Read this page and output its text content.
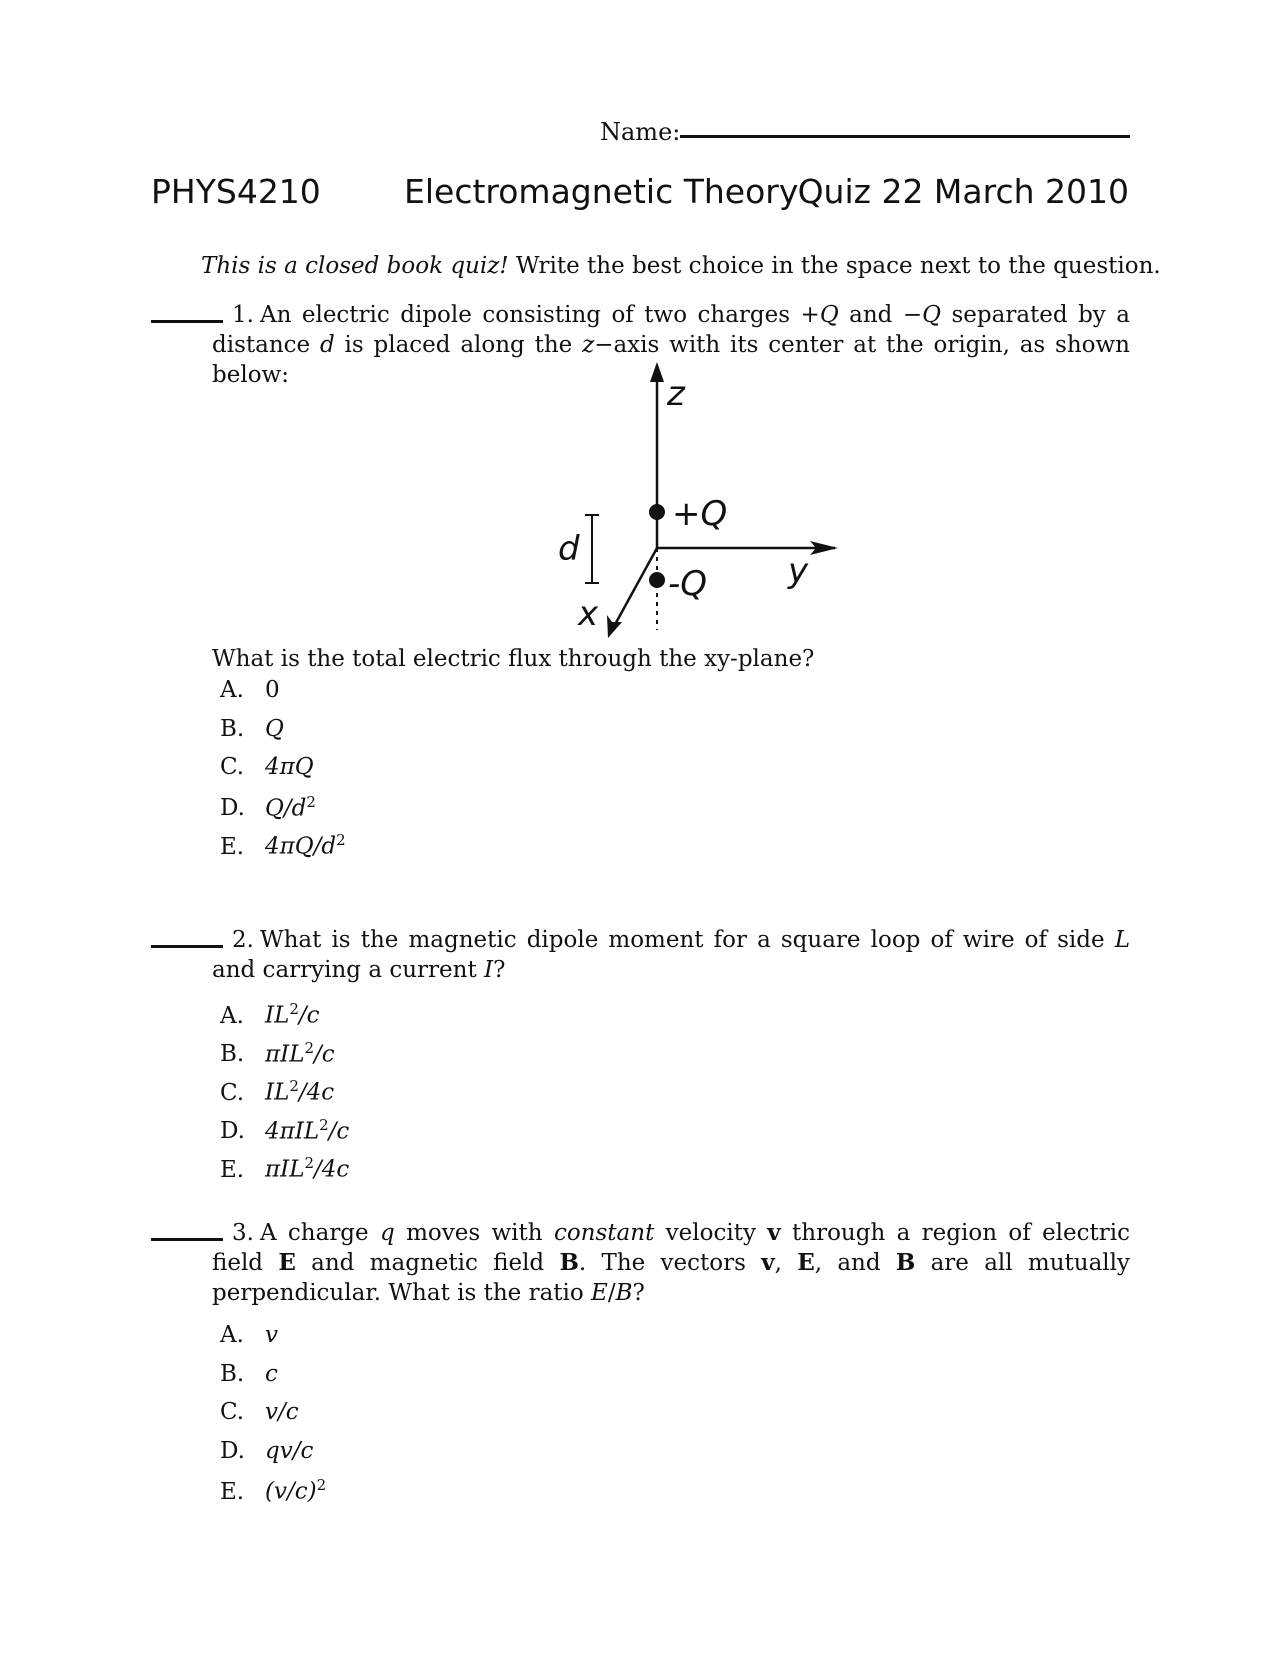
Name:
PHYS4210	Electromagnetic Theory Quiz 22 March 2010
This is a closed book quiz! Write the best choice in the space next to the question.
1. An electric dipole consisting of two charges +Q and −Q separated by a distance d is placed along the z−axis with its center at the origin, as shown below:	z
+Q
-Q y
x
d
What is the total electric flux through the xy-plane?
A. 0
B. Q
C. 4πQ
D. $Q/d^2$
E. $4\pi Q/d^2$
2. What is the magnetic dipole moment for a square loop of wire of side L and carrying a current I?
A. $IL^2/c$
B. πIL$^2$/c
C. $IL^2/4c$
D. 4πIL$^2$/c
E. πIL$^2$/4c
3. A charge q moves with constant velocity v through a region of electric field E and magnetic field B. The vectors v, E, and B are all mutually perpendicular. What is the ratio E/B?
A. v
B. c
C. v/c
D. qv/c
E. $(v/c)^2$
